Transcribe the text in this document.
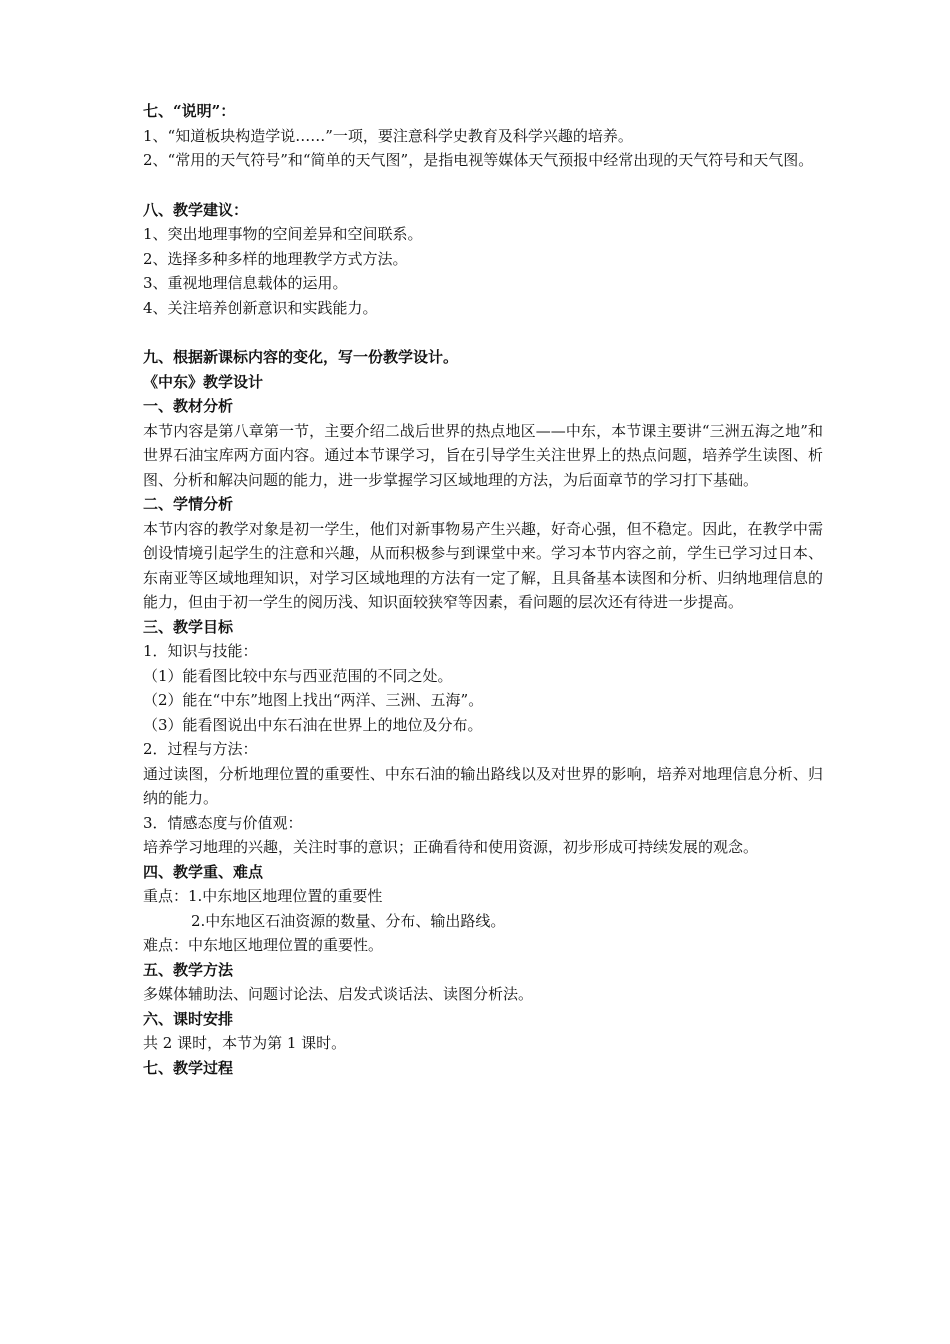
七、“说明”：
1、“知道板块构造学说……”一项，要注意科学史教育及科学兴趣的培养。
2、“常用的天气符号”和“简单的天气图”，是指电视等媒体天气预报中经常出现的天气符号和天气图。
八、教学建议：
1、突出地理事物的空间差异和空间联系。
2、选择多种多样的地理教学方式方法。
3、重视地理信息载体的运用。
4、关注培养创新意识和实践能力。
九、根据新课标内容的变化，写一份教学设计。
《中东》教学设计
一、教材分析
本节内容是第八章第一节，主要介绍二战后世界的热点地区——中东，本节课主要讲“三洲五海之地”和世界石油宝库两方面内容。通过本节课学习，旨在引导学生关注世界上的热点问题，培养学生读图、析图、分析和解决问题的能力，进一步掌握学习区域地理的方法，为后面章节的学习打下基础。
二、学情分析
本节内容的教学对象是初一学生，他们对新事物易产生兴趣，好奇心强，但不稳定。因此，在教学中需创设情境引起学生的注意和兴趣，从而积极参与到课堂中来。学习本节内容之前，学生已学习过日本、东南亚等区域地理知识，对学习区域地理的方法有一定了解，且具备基本读图和分析、归纳地理信息的能力，但由于初一学生的阅历浅、知识面较狭窄等因素，看问题的层次还有待进一步提高。
三、教学目标
1．知识与技能：
（1）能看图比较中东与西亚范围的不同之处。
（2）能在“中东”地图上找出“两洋、三洲、五海”。
（3）能看图说出中东石油在世界上的地位及分布。
2．过程与方法：
通过读图，分析地理位置的重要性、中东石油的输出路线以及对世界的影响，培养对地理信息分析、归纳的能力。
3．情感态度与价值观：
培养学习地理的兴趣，关注时事的意识；正确看待和使用资源，初步形成可持续发展的观念。
四、教学重、难点
重点：1.中东地区地理位置的重要性
2.中东地区石油资源的数量、分布、输出路线。
难点：中东地区地理位置的重要性。
五、教学方法
多媒体辅助法、问题讨论法、启发式谈话法、读图分析法。
六、课时安排
共 2 课时，本节为第 1 课时。
七、教学过程
